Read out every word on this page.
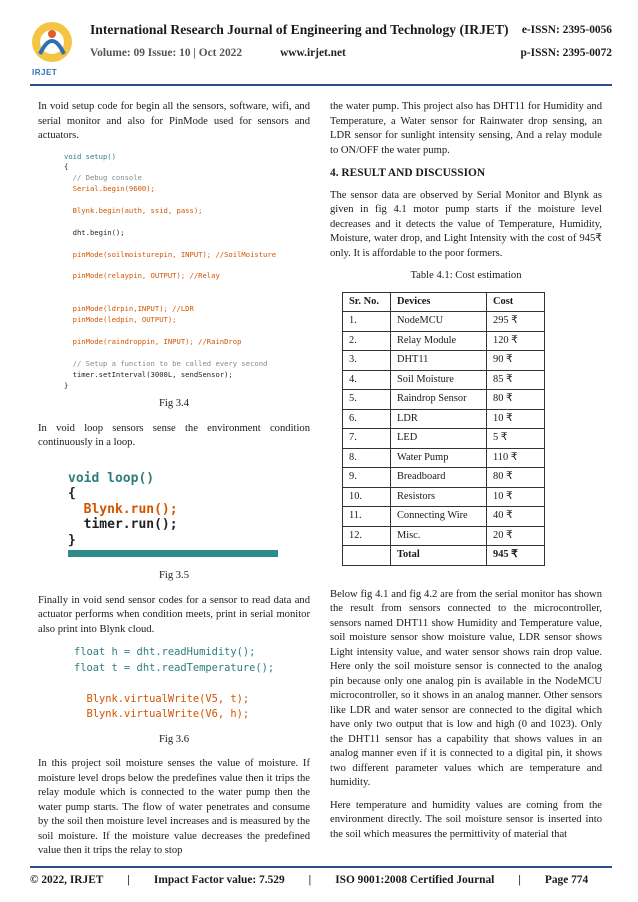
IRJET
International Research Journal of Engineering and Technology (IRJET)
Volume: 09 Issue: 10 | Oct 2022	www.irjet.net
e-ISSN: 2395-0056
p-ISSN: 2395-0072

In void setup code for begin all the sensors, software, wifi, and serial monitor and also for PinMode used for sensors and actuators.

void setup()
{
// Debug console
Serial.begin(9600);

Blynk.begin(auth, ssid, pass);

dht.begin();

pinMode(soilmoisturepin, INPUT); //SoilMoisture

pinMode(relaypin, OUTPUT); //Relay

pinMode(ldrpin,INPUT); //LDR
pinMode(ledpin, OUTPUT);

pinMode(raindroppin, INPUT); //RainDrop

// Setup a function to be called every second
timer.setInterval(3000L, sendSensor);
}
Fig 3.4

In void loop sensors sense the environment condition continuously in a loop.

void loop()
{
Blynk.run();
timer.run();
}
Fig 3.5

Finally in void send sensor codes for a sensor to read data and actuator performs when condition meets, print in serial monitor also print into Blynk cloud.

float h = dht.readHumidity();
float t = dht.readTemperature();

Blynk.virtualWrite(V5, t);
Blynk.virtualWrite(V6, h);
Fig 3.6

In this project soil moisture senses the value of moisture. If moisture level drops below the predefines value then it trips the relay module which is connected to the water pump then the water pump starts. The flow of water penetrates and consume by the soil then moisture level increases and is measured by the soil moisture. If the moisture value decreases the predefined value then it trips the relay to stop

the water pump. This project also has DHT11 for Humidity and Temperature, a Water sensor for Rainwater drop sensing, an LDR sensor for sunlight intensity sensing, And a relay module to ON/OFF the water pump.

4. RESULT AND DISCUSSION

The sensor data are observed by Serial Monitor and Blynk as given in fig 4.1 motor pump starts if the moisture level decreases and it detects the value of Temperature, Humidity, Moisture, water drop, and Light Intensity with the cost of 945₹ only. It is affordable to the poor formers.

Table 4.1: Cost estimation
Sr. No.	Devices	Cost
1.	NodeMCU	295 ₹
2.	Relay Module	120 ₹
3.	DHT11	90 ₹
4.	Soil Moisture	85 ₹
5.	Raindrop Sensor	80 ₹
6.	LDR	10 ₹
7.	LED	5 ₹
8.	Water Pump	110 ₹
9.	Breadboard	80 ₹
10.	Resistors	10 ₹
11.	Connecting Wire	40 ₹
12.	Misc.	20 ₹
	Total	945 ₹

Below fig 4.1 and fig 4.2 are from the serial monitor has shown the result from sensors connected to the microcontroller, sensors named DHT11 show Humidity and Temperature value, soil moisture sensor show moisture value, LDR sensor shows Light intensity value, and water sensor shows rain drop value. Here only the soil moisture sensor is connected to the analog pin because only one analog pin is available in the NodeMCU microcontroller, so it shows in an analog manner. Other sensors like LDR and water sensor are connected to the digital which have only two output that is low and high (0 and 1023). Only the DHT11 sensor has a capability that shows values in an analog manner even if it is connected to a digital pin, it shows two different parameter values which are temperature and humidity.

Here temperature and humidity values are coming from the environment directly. The soil moisture sensor is inserted into the soil which measures the permittivity of material that

© 2022, IRJET | Impact Factor value: 7.529 | ISO 9001:2008 Certified Journal | Page 774
